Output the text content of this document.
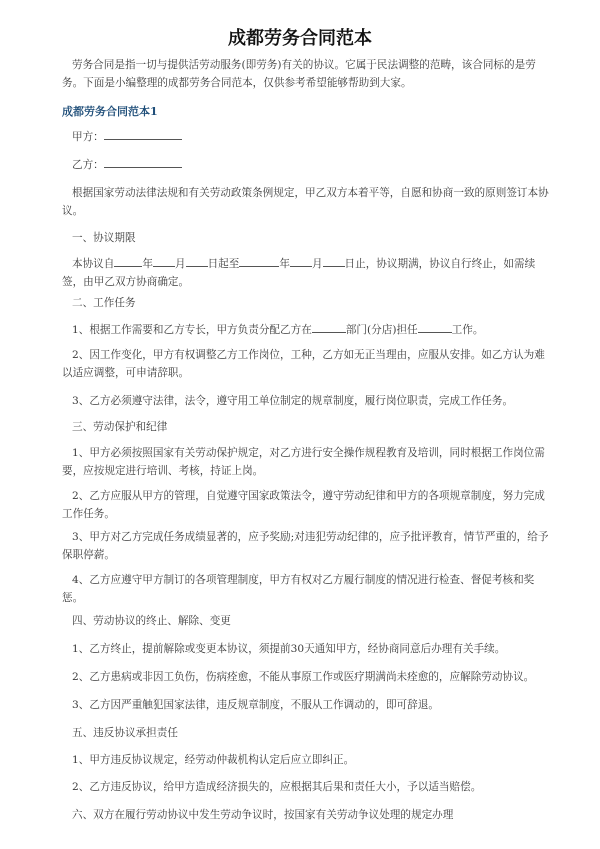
成都劳务合同范本
劳务合同是指一切与提供活劳动服务(即劳务)有关的协议。它属于民法调整的范畴，该合同标的是劳务。下面是小编整理的成都劳务合同范本，仅供参考希望能够帮助到大家。
成都劳务合同范本1
甲方：
乙方：
根据国家劳动法律法规和有关劳动政策条例规定，甲乙双方本着平等，自愿和协商一致的原则签订本协议。
一、协议期限
本协议自	年 月 日起至	年 月 日止，协议期满，协议自行终止，如需续签，由甲乙双方协商确定。
二、工作任务
1、根据工作需要和乙方专长，甲方负责分配乙方在	部门(分店)担任	工作。
2、因工作变化，甲方有权调整乙方工作岗位，工种，乙方如无正当理由，应服从安排。如乙方认为难以适应调整，可申请辞职。
3、乙方必须遵守法律，法令，遵守用工单位制定的规章制度，履行岗位职责，完成工作任务。
三、劳动保护和纪律
1、甲方必须按照国家有关劳动保护规定，对乙方进行安全操作规程教育及培训，同时根据工作岗位需要，应按规定进行培训、考核，持证上岗。
2、乙方应服从甲方的管理，自觉遵守国家政策法令，遵守劳动纪律和甲方的各项规章制度，努力完成工作任务。
3、甲方对乙方完成任务成绩显著的，应予奖励;对违犯劳动纪律的，应予批评教育，情节严重的，给予保职停薪。
4、乙方应遵守甲方制订的各项管理制度，甲方有权对乙方履行制度的情况进行检查、督促考核和奖惩。
四、劳动协议的终止、解除、变更
1、乙方终止，提前解除或变更本协议，须提前30天通知甲方，经协商同意后办理有关手续。
2、乙方患病或非因工负伤，伤病痊愈，不能从事原工作或医疗期满尚未痊愈的，应解除劳动协议。
3、乙方因严重触犯国家法律，违反规章制度，不服从工作调动的，即可辞退。
五、违反协议承担责任
1、甲方违反协议规定，经劳动仲裁机构认定后应立即纠正。
2、乙方违反协议，给甲方造成经济损失的，应根据其后果和责任大小，予以适当赔偿。
六、双方在履行劳动协议中发生劳动争议时，按国家有关劳动争议处理的规定办理
